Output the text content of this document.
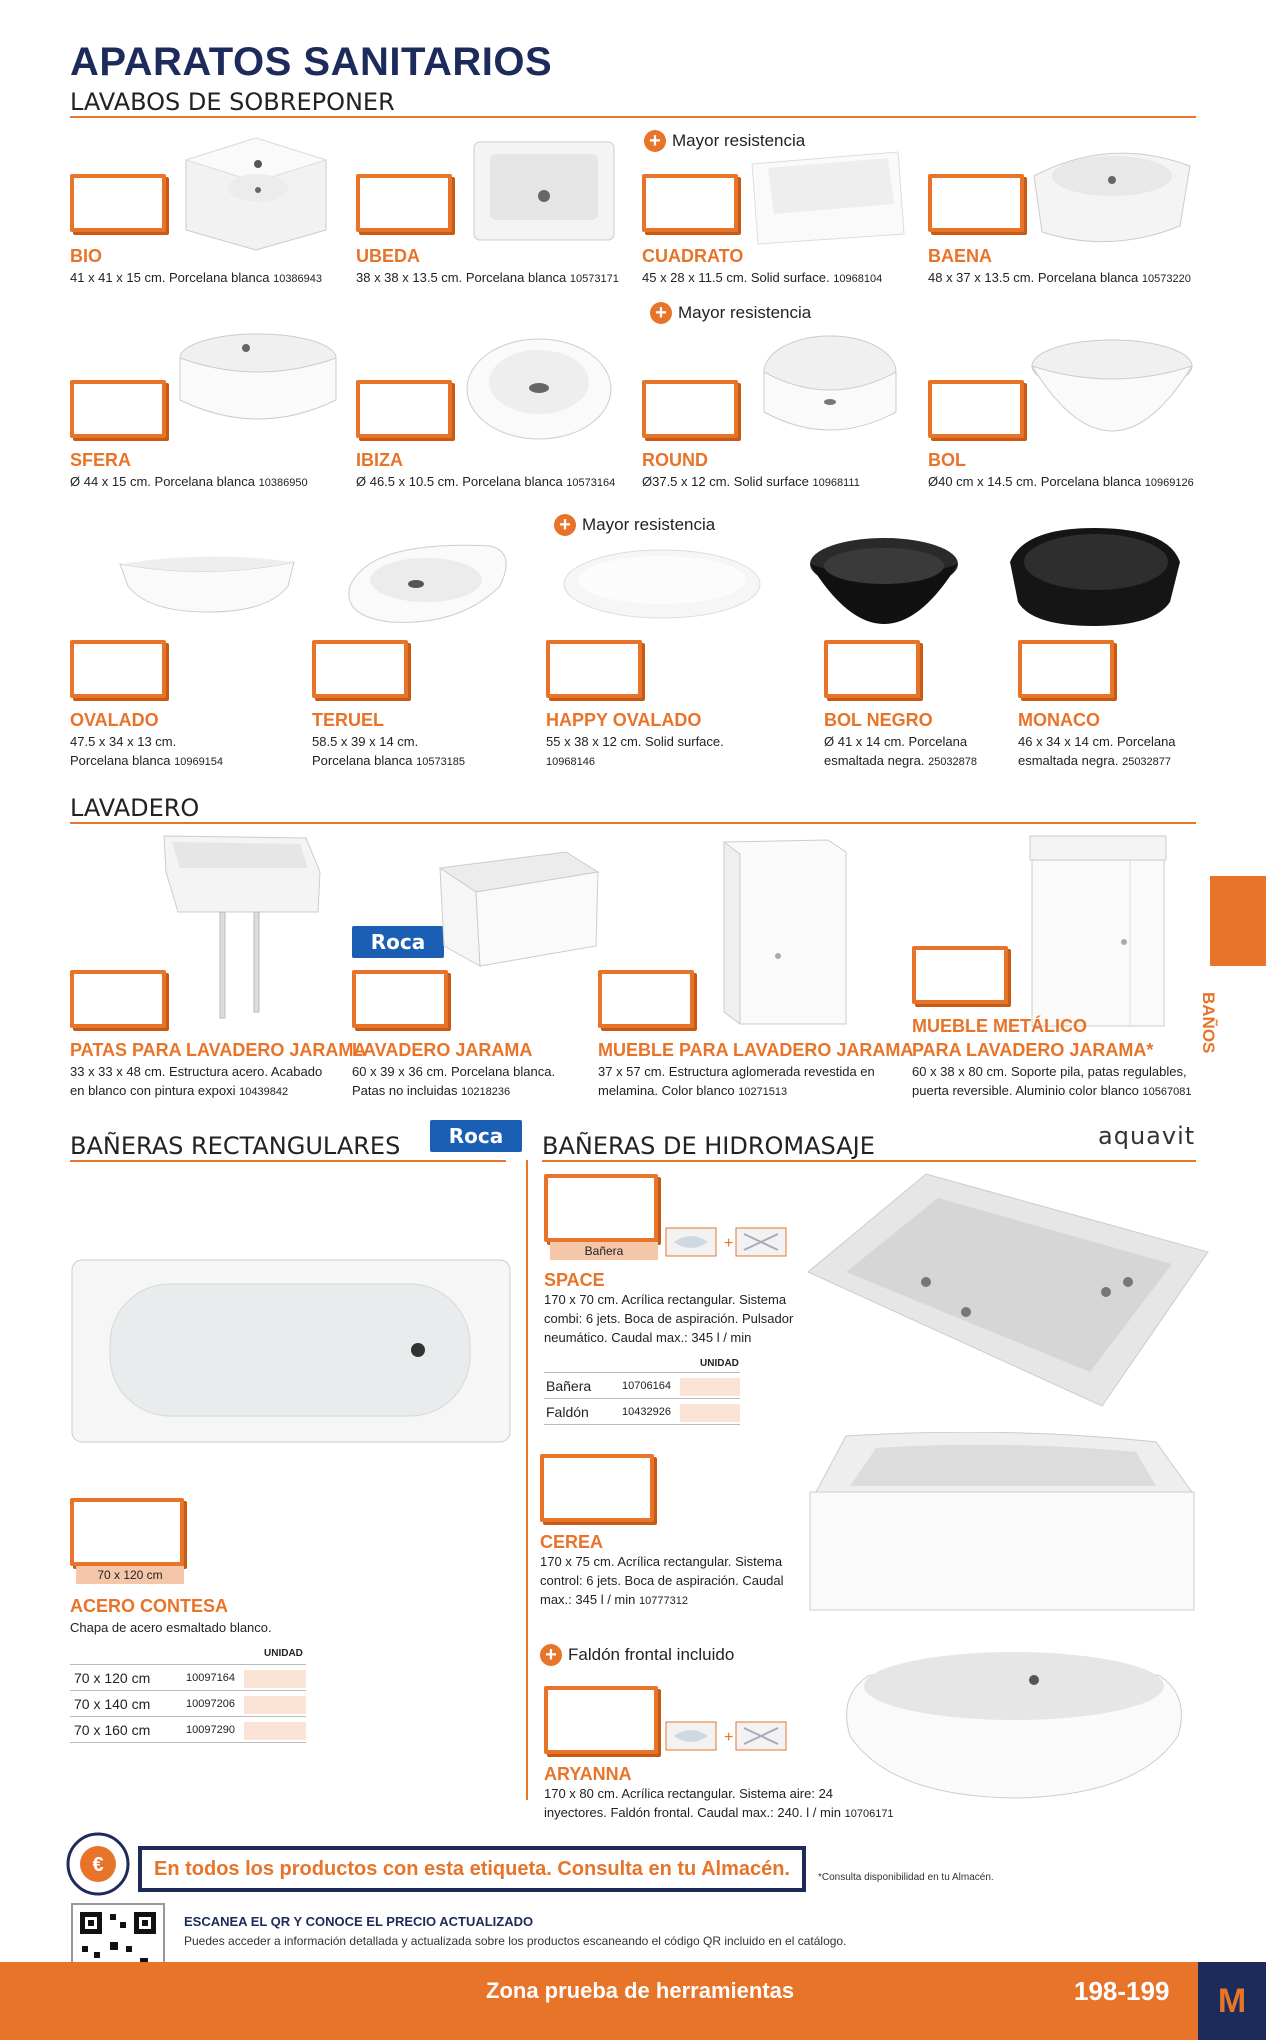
APARATOS SANITARIOS
LAVABOS DE SOBREPONER
+ Mayor resistencia
BIO
41 x 41 x 15 cm. Porcelana blanca 10386943
UBEDA
38 x 38 x 13.5 cm. Porcelana blanca 10573171
CUADRATO
45 x 28 x 11.5 cm. Solid surface. 10968104
BAENA
48 x 37 x 13.5 cm. Porcelana blanca 10573220
+ Mayor resistencia
SFERA
Ø 44 x 15 cm. Porcelana blanca 10386950
IBIZA
Ø 46.5 x 10.5 cm. Porcelana blanca 10573164
ROUND
Ø37.5 x 12 cm. Solid surface 10968111
BOL
Ø40 cm x 14.5 cm. Porcelana blanca 10969126
+ Mayor resistencia
OVALADO
47.5 x 34 x 13 cm.
Porcelana blanca 10969154
TERUEL
58.5 x 39 x 14 cm.
Porcelana blanca 10573185
HAPPY OVALADO
55 x 38 x 12 cm. Solid surface.
10968146
BOL NEGRO
Ø 41 x 14 cm. Porcelana
esmaltada negra. 25032878
MONACO
46 x 34 x 14 cm. Porcelana
esmaltada negra. 25032877
LAVADERO
Roca
PATAS PARA LAVADERO JARAMA
33 x 33 x 48 cm. Estructura acero. Acabado
en blanco con pintura expoxi 10439842
LAVADERO JARAMA
60 x 39 x 36 cm. Porcelana blanca.
Patas no incluidas 10218236
MUEBLE PARA LAVADERO JARAMA
37 x 57 cm. Estructura aglomerada revestida en
melamina. Color blanco 10271513
MUEBLE METÁLICO
PARA LAVADERO JARAMA*
60 x 38 x 80 cm. Soporte pila, patas regulables,
puerta reversible. Aluminio color blanco 10567081
BAÑOS
BAÑERAS RECTANGULARES	Roca
70 x 120 cm
ACERO CONTESA
Chapa de acero esmaltado blanco.
UNIDAD
70 x 120 cm	10097164
70 x 140 cm	10097206
70 x 160 cm	10097290
BAÑERAS DE HIDROMASAJE	aquavit
Bañera	+
SPACE
170 x 70 cm. Acrílica rectangular. Sistema
combi: 6 jets. Boca de aspiración. Pulsador
neumático. Caudal max.: 345 l / min
UNIDAD
Bañera	10706164
Faldón	10432926
CEREA
170 x 75 cm. Acrílica rectangular. Sistema
control: 6 jets. Boca de aspiración. Caudal
max.: 345 l / min 10777312
+ Faldón frontal incluido
+
ARYANNA
170 x 80 cm. Acrílica rectangular. Sistema aire: 24
inyectores. Faldón frontal. Caudal max.: 240. l / min 10706171
€	En todos los productos con esta etiqueta. Consulta en tu Almacén.	*Consulta disponibilidad en tu Almacén.
ESCANEA EL QR Y CONOCE EL PRECIO ACTUALIZADO
Puedes acceder a información detallada y actualizada sobre los productos escaneando el código QR incluido en el catálogo.
Zona prueba de herramientas	198-199	M
